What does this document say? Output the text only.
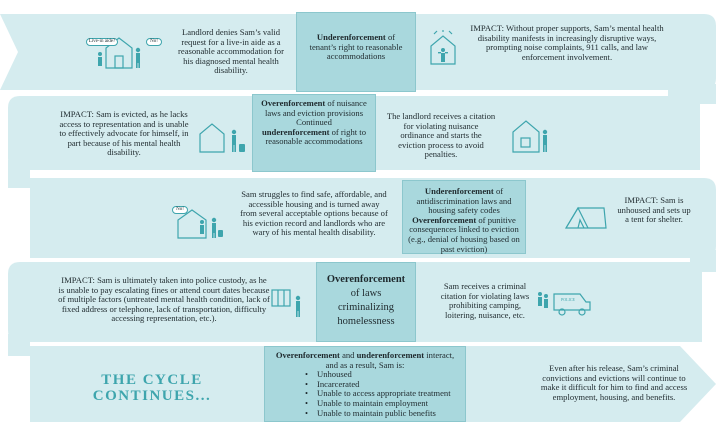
Live-in aide?	No!
Landlord denies Sam’s valid request for a live-in aide as a reasonable accommodation for his diagnosed mental health disability.
Underenforcement of tenant’s right to reasonable accommodations
IMPACT: Without proper supports, Sam’s mental health disability manifests in increasingly disruptive ways, prompting noise complaints, 911 calls, and law enforcement involvement.
IMPACT: Sam is evicted, as he lacks access to representation and is unable to effectively advocate for himself, in part because of his mental health disability.
Overenforcement of nuisance laws and eviction provisions
Continued
underenforcement of right to reasonable accommodations
The landlord receives a citation for violating nuisance ordinance and starts the eviction process to avoid penalties.
No!
Sam struggles to find safe, affordable, and accessible housing and is turned away from several acceptable options because of his eviction record and landlords who are wary of his mental health disability.
Underenforcement of antidiscrimination laws and housing safety codes
Overenforcement of punitive consequences linked to eviction (e.g., denial of housing based on past eviction)
IMPACT: Sam is unhoused and sets up a tent for shelter.
IMPACT: Sam is ultimately taken into police custody, as he is unable to pay escalating fines or attend court dates because of multiple factors (untreated mental health condition, lack of fixed address or telephone, lack of transportation, difficulty accessing representation, etc.).
Overenforcement
of laws
criminalizing
homelessness
Sam receives a criminal citation for violating laws prohibiting camping, loitering, nuisance, etc.
POLICE
THE CYCLE
CONTINUES...
Overenforcement and underenforcement interact, and as a result, Sam is:
• Unhoused
• Incarcerated
• Unable to access appropriate treatment
• Unable to maintain employment
• Unable to maintain public benefits
Even after his release, Sam’s criminal convictions and evictions will continue to make it difficult for him to find and access employment, housing, and benefits.
